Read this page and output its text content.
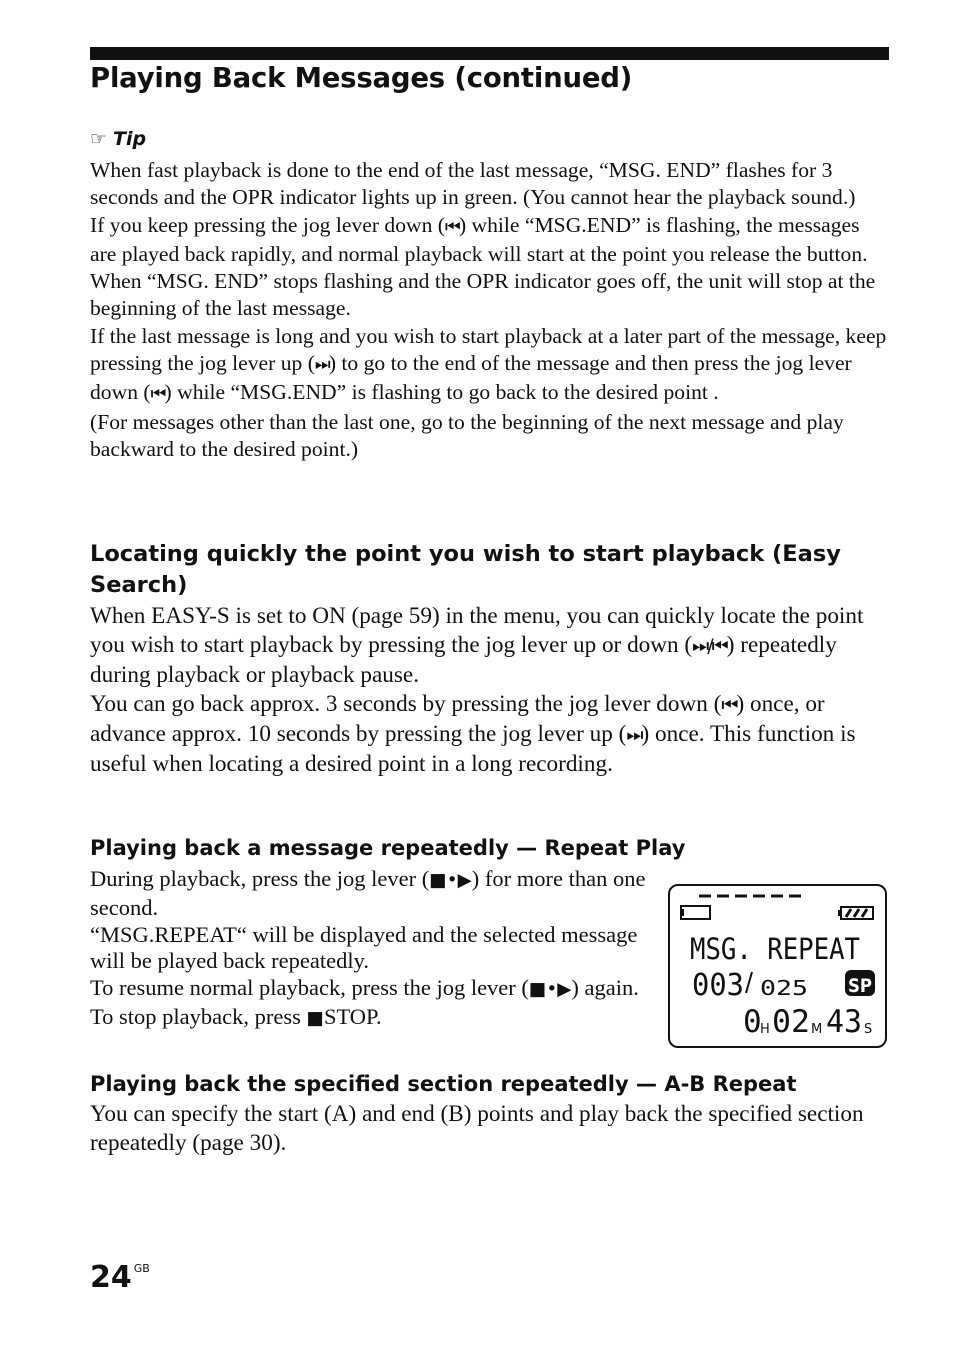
Playing Back Messages (continued)
☞ Tip

When fast playback is done to the end of the last message, “MSG. END” flashes for 3 seconds and the OPR indicator lights up in green. (You cannot hear the playback sound.)

If you keep pressing the jog lever down (⏮) while “MSG.END” is flashing, the messages are played back rapidly, and normal playback will start at the point you release the button. When “MSG. END” stops flashing and the OPR indicator goes off, the unit will stop at the beginning of the last message.

If the last message is long and you wish to start playback at a later part of the message, keep pressing the jog lever up (⏭) to go to the end of the message and then press the jog lever down (⏮) while “MSG.END” is flashing to go back to the desired point .

(For messages other than the last one, go to the beginning of the next message and play backward to the desired point.)

Locating quickly the point you wish to start playback (Easy Search)

When EASY-S is set to ON (page 59) in the menu, you can quickly locate the point you wish to start playback by pressing the jog lever up or down (⏭/⏮) repeatedly during playback or playback pause.

You can go back approx. 3 seconds by pressing the jog lever down (⏮) once, or advance approx. 10 seconds by pressing the jog lever up (⏭) once. This function is useful when locating a desired point in a long recording.

Playing back a message repeatedly — Repeat Play

During playback, press the jog lever (■•▶) for more than one second.

“MSG.REPEAT“ will be displayed and the selected message will be played back repeatedly.

To resume normal playback, press the jog lever (■•▶) again. To stop playback, press ■STOP.

MSG. REPEAT
003 025 SP
0
H 02 M 43 S
Playing back the specified section repeatedly — A-B Repeat
You can specify the start (A) and end (B) points and play back the specified section repeatedly (page 30).
24 $^{GB}$
